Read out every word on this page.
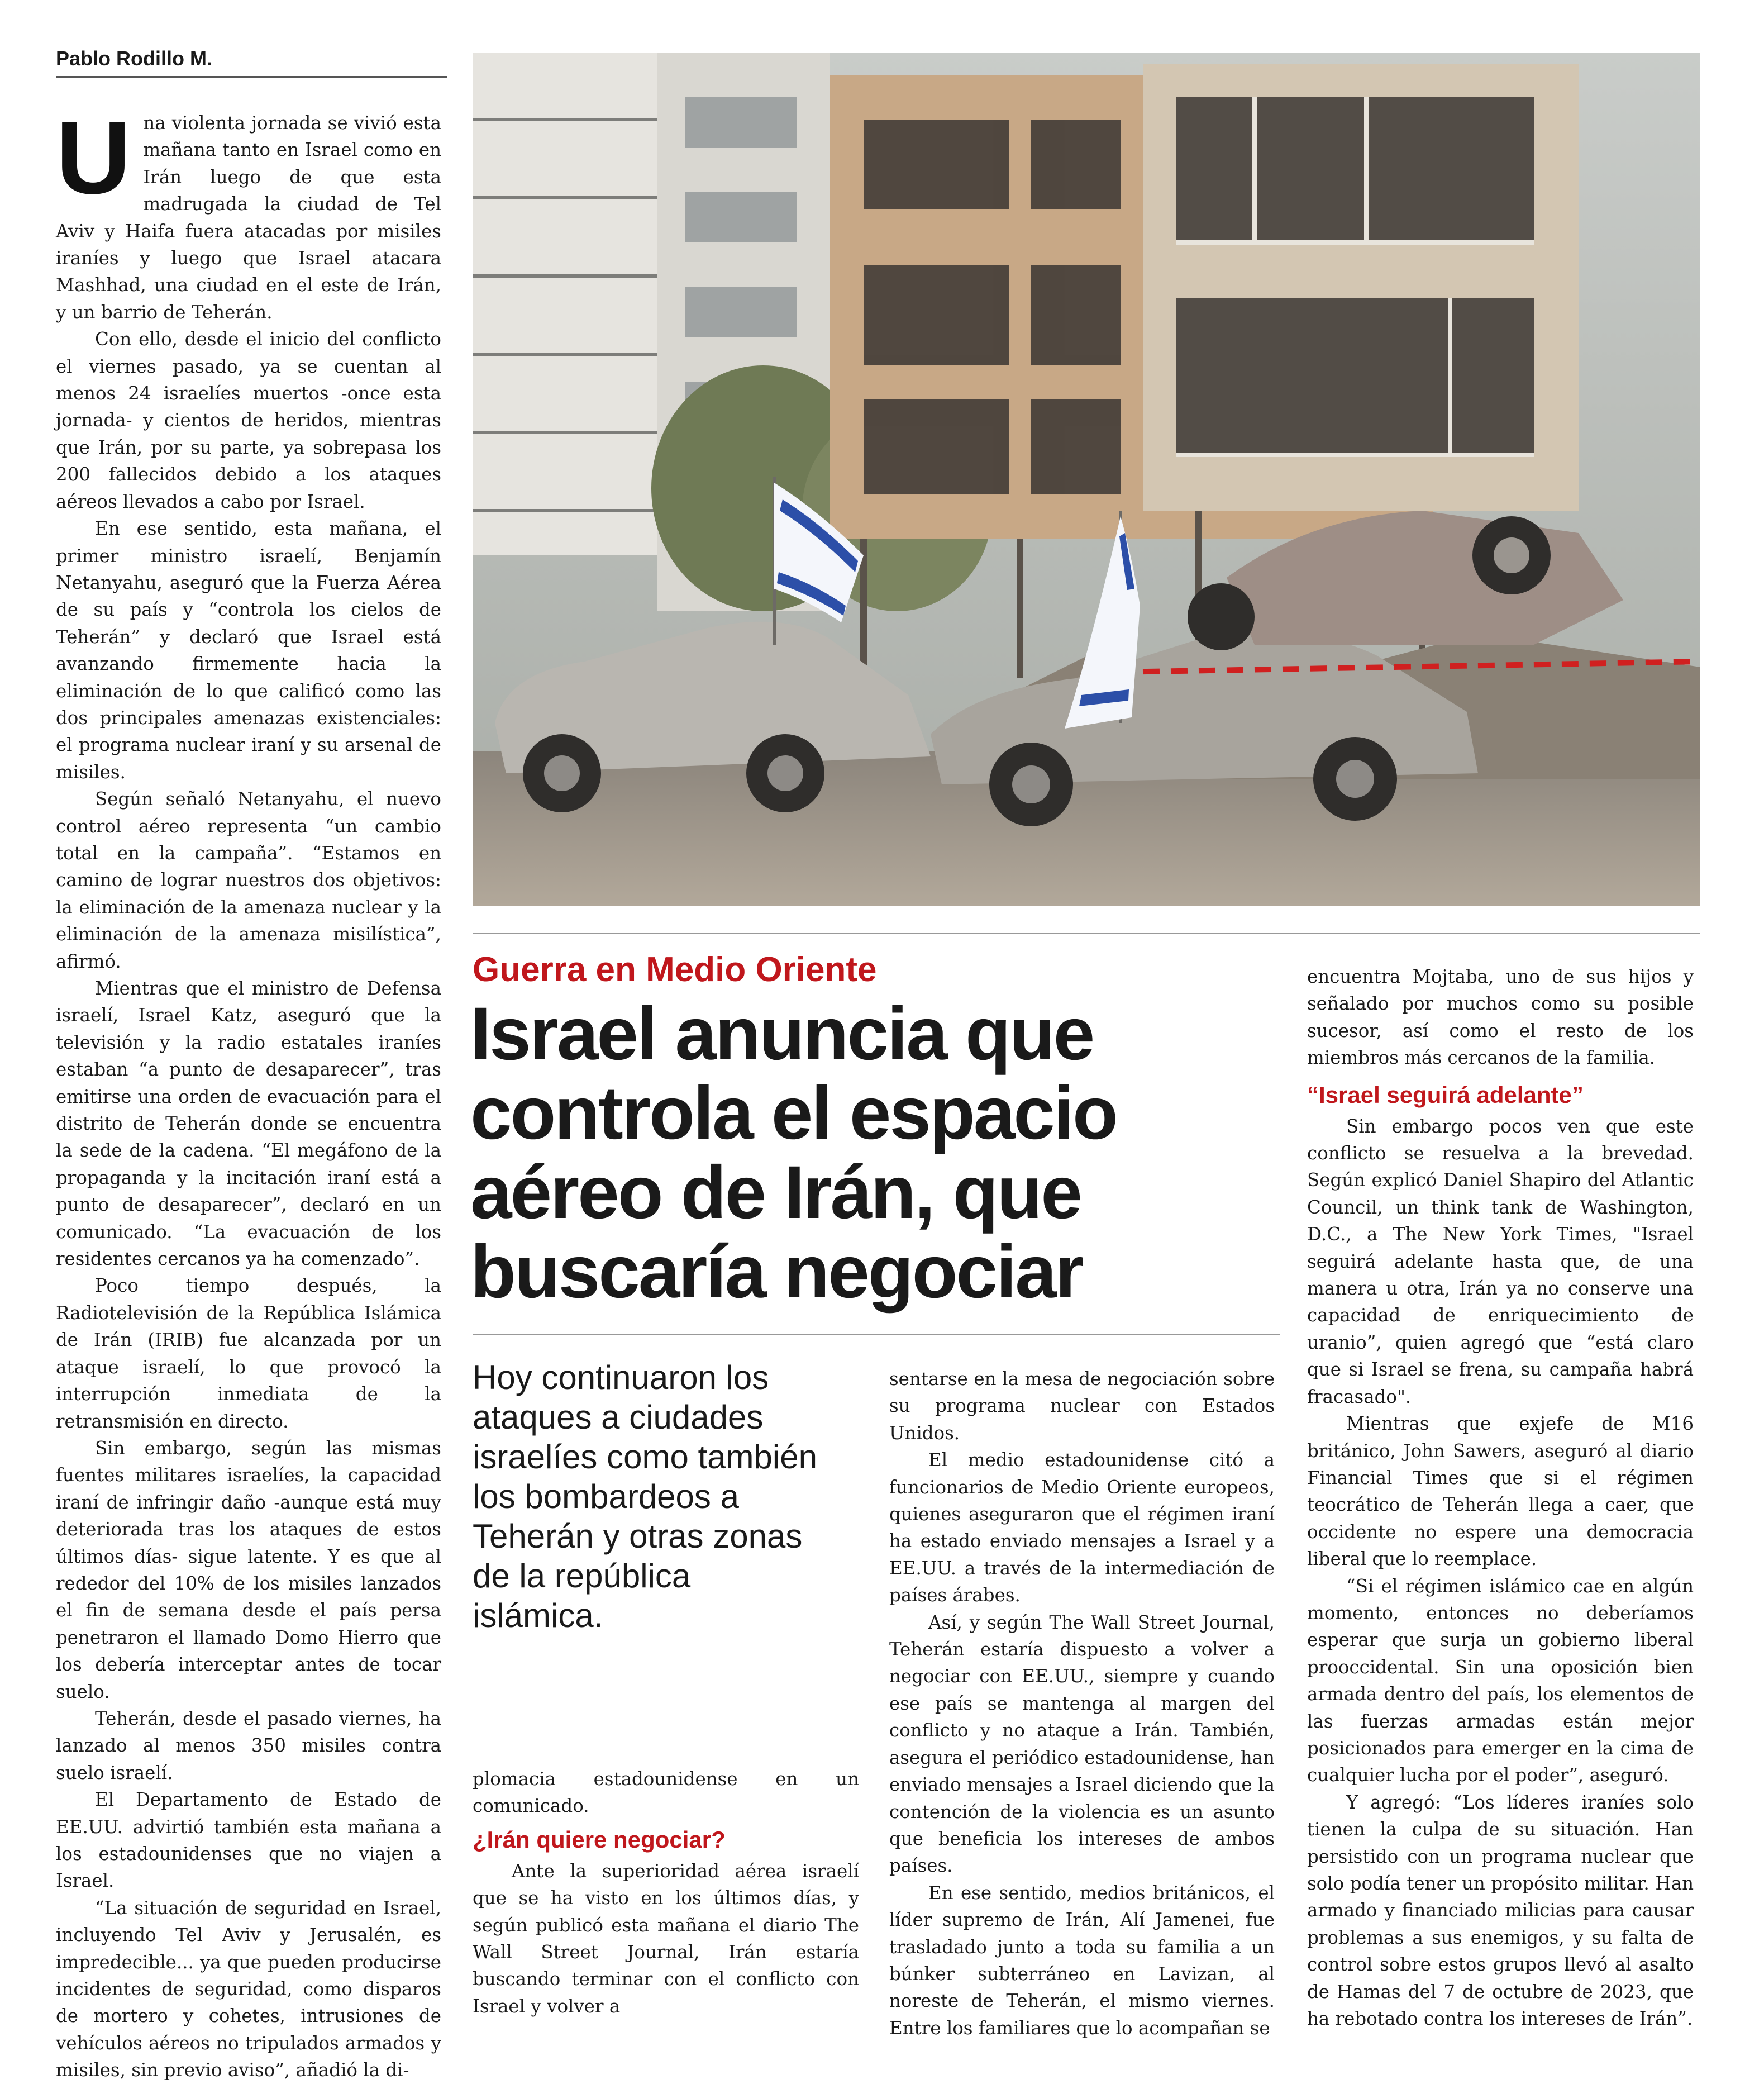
Pablo Rodillo M.

Una violenta jornada se vivió esta mañana tanto en Israel como en Irán luego de que esta madrugada la ciudad de Tel Aviv y Haifa fuera atacadas por misiles iraníes y luego que Israel atacara Mashhad, una ciudad en el este de Irán, y un barrio de Teherán.

Con ello, desde el inicio del conflicto el viernes pasado, ya se cuentan al menos 24 israelíes muertos -once esta jornada- y cientos de heridos, mientras que Irán, por su parte, ya sobrepasa los 200 fallecidos debido a los ataques aéreos llevados a cabo por Israel.

En ese sentido, esta mañana, el primer ministro israelí, Benjamín Netanyahu, aseguró que la Fuerza Aérea de su país y “controla los cielos de Teherán” y declaró que Israel está avanzando firmemente hacia la eliminación de lo que calificó como las dos principales amenazas existenciales: el programa nuclear iraní y su arsenal de misiles.

Según señaló Netanyahu, el nuevo control aéreo representa “un cambio total en la campaña”. “Estamos en camino de lograr nuestros dos objetivos: la eliminación de la amenaza nuclear y la eliminación de la amenaza misilística”, afirmó.

Mientras que el ministro de Defensa israelí, Israel Katz, aseguró que la televisión y la radio estatales iraníes estaban “a punto de desaparecer”, tras emitirse una orden de evacuación para el distrito de Teherán donde se encuentra la sede de la cadena. “El megáfono de la propaganda y la incitación iraní está a punto de desaparecer”, declaró en un comunicado. “La evacuación de los residentes cercanos ya ha comenzado”.

Poco tiempo después, la Radiotelevisión de la República Islámica de Irán (IRIB) fue alcanzada por un ataque israelí, lo que provocó la interrupción inmediata de la retransmisión en directo.

Sin embargo, según las mismas fuentes militares israelíes, la capacidad iraní de infringir daño -aunque está muy deteriorada tras los ataques de estos últimos días- sigue latente. Y es que al rededor del 10% de los misiles lanzados el fin de semana desde el país persa penetraron el llamado Domo Hierro que los debería interceptar antes de tocar suelo.

Teherán, desde el pasado viernes, ha lanzado al menos 350 misiles contra suelo israelí.

El Departamento de Estado de EE.UU. advirtió también esta mañana a los estadounidenses que no viajen a Israel.

“La situación de seguridad en Israel, incluyendo Tel Aviv y Jerusalén, es impredecible... ya que pueden producirse incidentes de seguridad, como disparos de mortero y cohetes, intrusiones de vehículos aéreos no tripulados armados y misiles, sin previo aviso”, añadió la di-

Guerra en Medio Oriente
Israel anuncia que controla el espacio aéreo de Irán, que buscaría negociar
Hoy continuaron los ataques a ciudades israelíes como también los bombardeos a Teherán y otras zonas de la república islámica.

plomacia estadounidense en un comunicado.

¿Irán quiere negociar?

Ante la superioridad aérea israelí que se ha visto en los últimos días, y según publicó esta mañana el diario The Wall Street Journal, Irán estaría buscando terminar con el conflicto con Israel y volver a

sentarse en la mesa de negociación sobre su programa nuclear con Estados Unidos.

El medio estadounidense citó a funcionarios de Medio Oriente europeos, quienes aseguraron que el régimen iraní ha estado enviado mensajes a Israel y a EE.UU. a través de la intermediación de países árabes.

Así, y según The Wall Street Journal, Teherán estaría dispuesto a volver a negociar con EE.UU., siempre y cuando ese país se mantenga al margen del conflicto y no ataque a Irán. También, asegura el periódico estadounidense, han enviado mensajes a Israel diciendo que la contención de la violencia es un asunto que beneficia los intereses de ambos países.

En ese sentido, medios británicos, el líder supremo de Irán, Alí Jamenei, fue trasladado junto a toda su familia a un búnker subterráneo en Lavizan, al noreste de Teherán, el mismo viernes. Entre los familiares que lo acompañan se

encuentra Mojtaba, uno de sus hijos y señalado por muchos como su posible sucesor, así como el resto de los miembros más cercanos de la familia.

“Israel seguirá adelante”

Sin embargo pocos ven que este conflicto se resuelva a la brevedad. Según explicó Daniel Shapiro del Atlantic Council, un think tank de Washington, D.C., a The New York Times, "Israel seguirá adelante hasta que, de una manera u otra, Irán ya no conserve una capacidad de enriquecimiento de uranio”, quien agregó que “está claro que si Israel se frena, su campaña habrá fracasado".

Mientras que exjefe de M16 británico, John Sawers, aseguró al diario Financial Times que si el régimen teocrático de Teherán llega a caer, que occidente no espere una democracia liberal que lo reemplace.

“Si el régimen islámico cae en algún momento, entonces no deberíamos esperar que surja un gobierno liberal prooccidental. Sin una oposición bien armada dentro del país, los elementos de las fuerzas armadas están mejor posicionados para emerger en la cima de cualquier lucha por el poder”, aseguró.

Y agregó: “Los líderes iraníes solo tienen la culpa de su situación. Han persistido con un programa nuclear que solo podía tener un propósito militar. Han armado y financiado milicias para causar problemas a sus enemigos, y su falta de control sobre estos grupos llevó al asalto de Hamas del 7 de octubre de 2023, que ha rebotado contra los intereses de Irán”.
